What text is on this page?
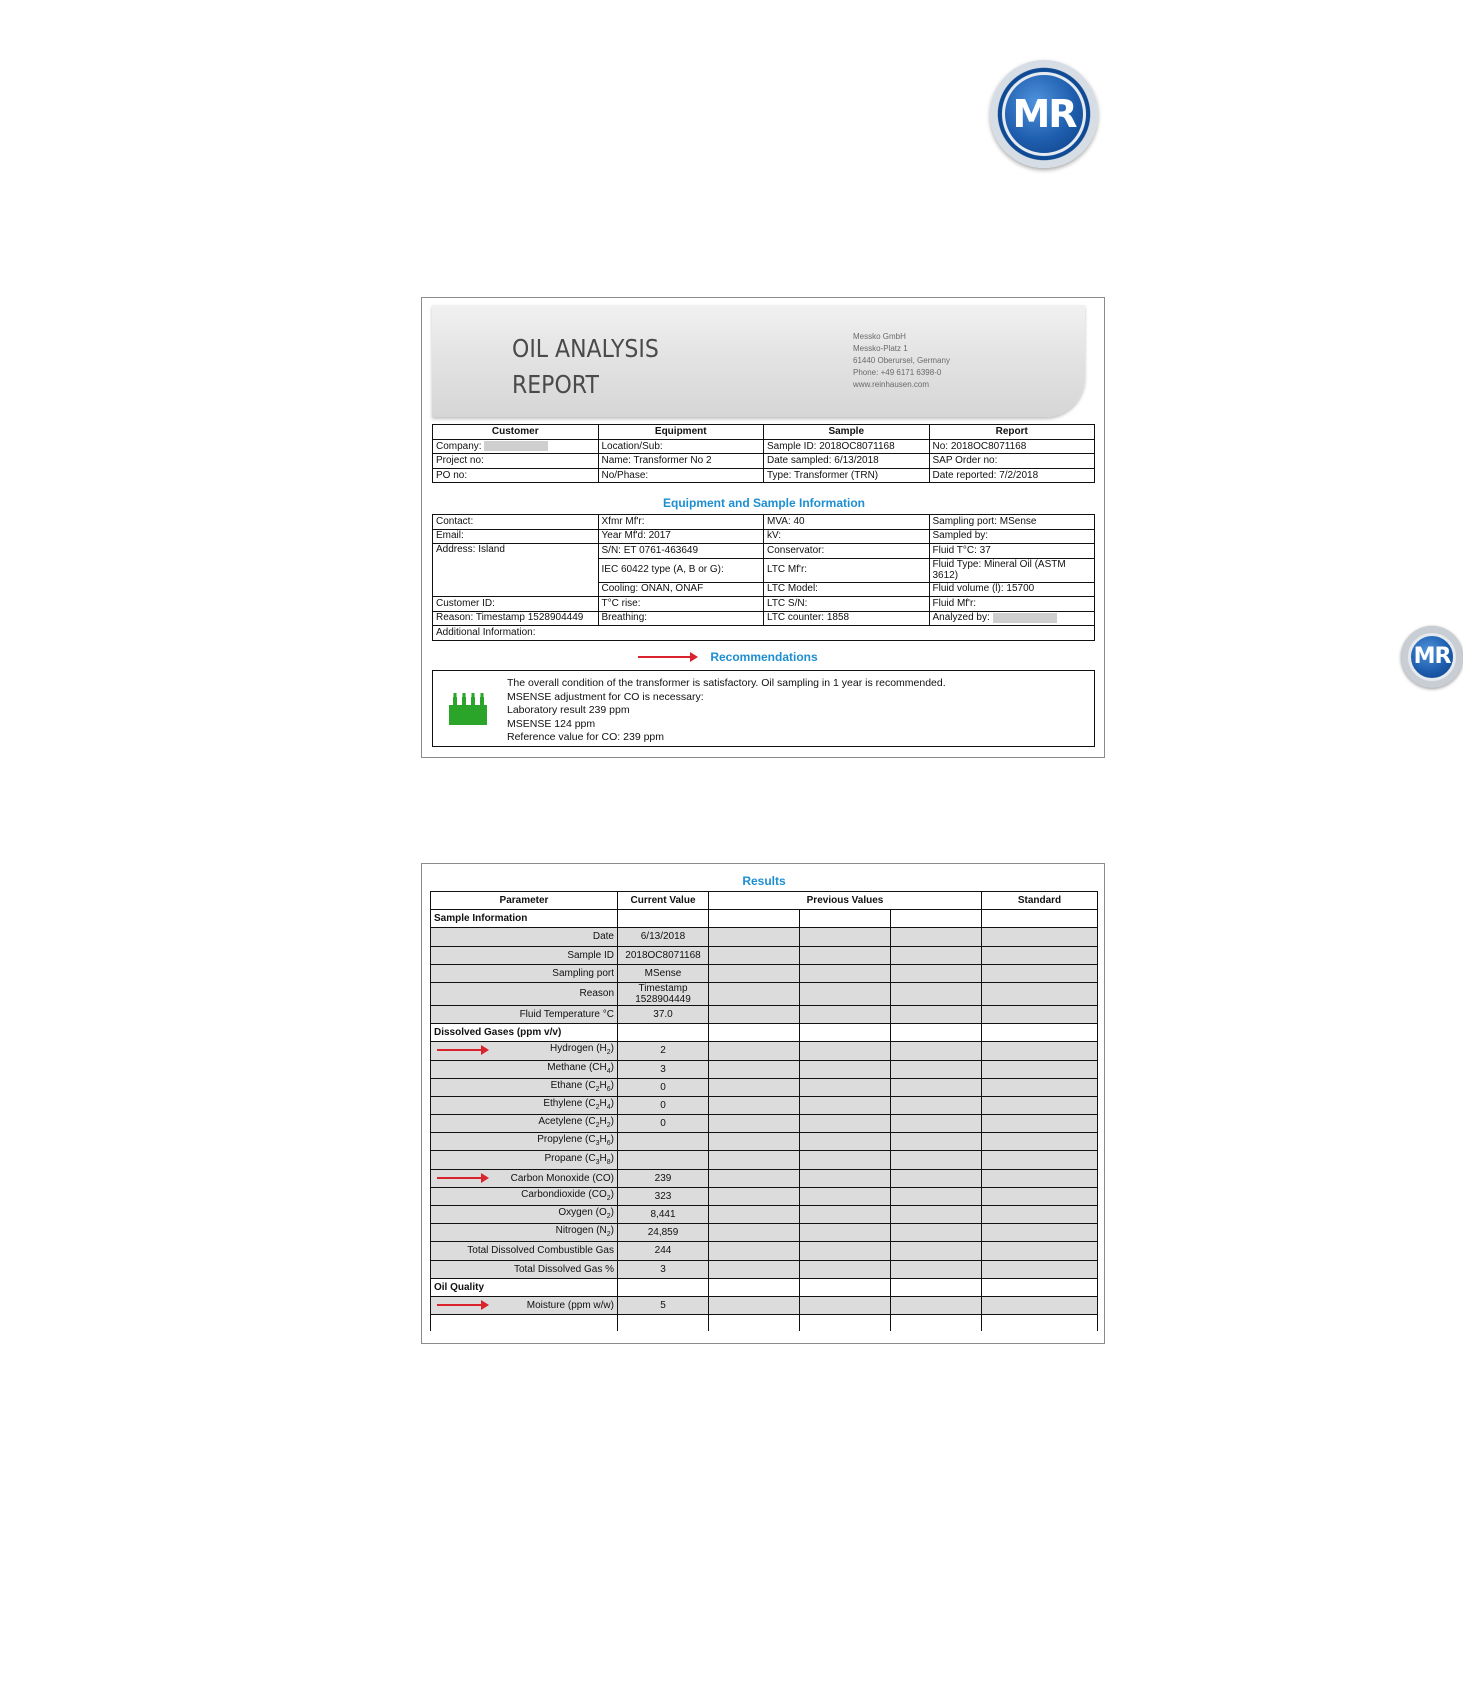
MR
OIL ANALYSIS
REPORT
Messko GmbH
Messko-Platz 1
61440 Oberursel, Germany
Phone: +49 6171 6398-0
www.reinhausen.com
MR
Customer	Equipment	Sample	Report
Company:	Location/Sub:	Sample ID: 2018OC8071168	No: 2018OC8071168
Project no:	Name: Transformer No 2	Date sampled: 6/13/2018	SAP Order no:
PO no:	No/Phase:	Type: Transformer (TRN)	Date reported: 7/2/2018
Equipment and Sample Information
Contact:	Xfmr Mf'r:	MVA: 40	Sampling port: MSense
Email:	Year Mf'd: 2017	kV:	Sampled by:
Address: Island	S/N: ET 0761-463649	Conservator:	Fluid T°C: 37
	IEC 60422 type (A, B or G):	LTC Mf'r:	Fluid Type: Mineral Oil (ASTM 3612)
	Cooling: ONAN, ONAF	LTC Model:	Fluid volume (l): 15700
Customer ID:	T°C rise:	LTC S/N:	Fluid Mf'r:
Reason: Timestamp 1528904449	Breathing:	LTC counter: 1858	Analyzed by:
Additional Information:			
Recommendations
The overall condition of the transformer is satisfactory. Oil sampling in 1 year is recommended.
MSENSE adjustment for CO is necessary:
Laboratory result 239 ppm
MSENSE 124 ppm
Reference value for CO: 239 ppm
Results
Parameter	Current Value	Previous Values			Standard
Sample Information					
Date	6/13/2018				
Sample ID	2018OC8071168				
Sampling port	MSense				
Reason	Timestamp 1528904449				
Fluid Temperature °C	37.0				
Dissolved Gases (ppm v/v)					
Hydrogen $(H_2)$	2				
Methane $(CH_4)$	3				
Ethane $(C_2H_6)$	0				
Ethylene $(C_2H_4)$	0				
Acetylene $(C_2H_2)$	0				
Propylene $(C_3H_6)$					
Propane $(C_3H_8)$					
Carbon Monoxide (CO)	239				
Carbondioxide $(CO_2)$	323				
Oxygen $(O_2)$	8,441				
Nitrogen $(N_2)$	24,859				
Total Dissolved Combustible Gas	244				
Total Dissolved Gas %	3				
Oil Quality					
Moisture (ppm w/w)	5				
